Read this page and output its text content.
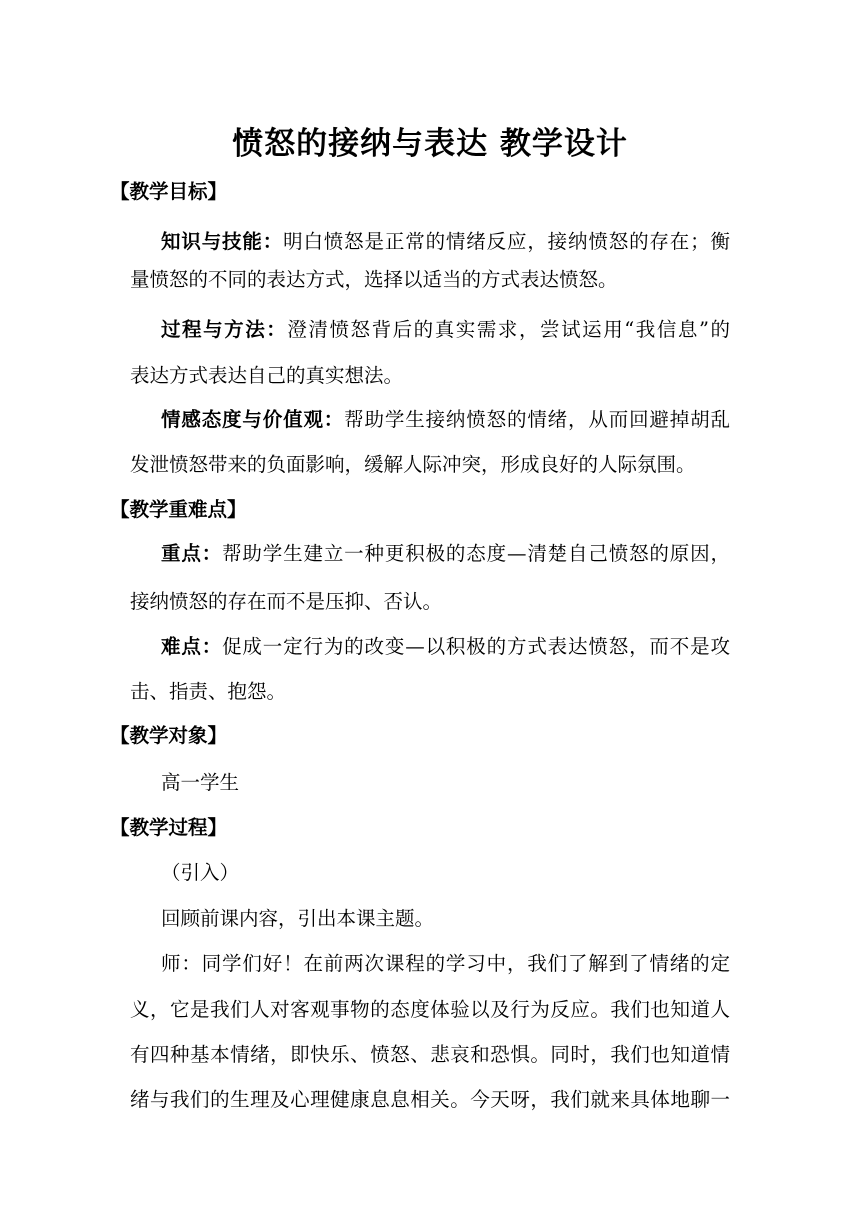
愤怒的接纳与表达 教学设计
【教学目标】
知识与技能：明白愤怒是正常的情绪反应，接纳愤怒的存在；衡
量愤怒的不同的表达方式，选择以适当的方式表达愤怒。
过程与方法：澄清愤怒背后的真实需求，尝试运用“我信息”的
表达方式表达自己的真实想法。
情感态度与价值观：帮助学生接纳愤怒的情绪，从而回避掉胡乱
发泄愤怒带来的负面影响，缓解人际冲突，形成良好的人际氛围。
【教学重难点】
重点：帮助学生建立一种更积极的态度—清楚自己愤怒的原因，
接纳愤怒的存在而不是压抑、否认。
难点：促成一定行为的改变—以积极的方式表达愤怒，而不是攻
击、指责、抱怨。
【教学对象】
高一学生
【教学过程】
（引入）
回顾前课内容，引出本课主题。
师：同学们好！在前两次课程的学习中，我们了解到了情绪的定
义，它是我们人对客观事物的态度体验以及行为反应。我们也知道人
有四种基本情绪，即快乐、愤怒、悲哀和恐惧。同时，我们也知道情
绪与我们的生理及心理健康息息相关。今天呀，我们就来具体地聊一
